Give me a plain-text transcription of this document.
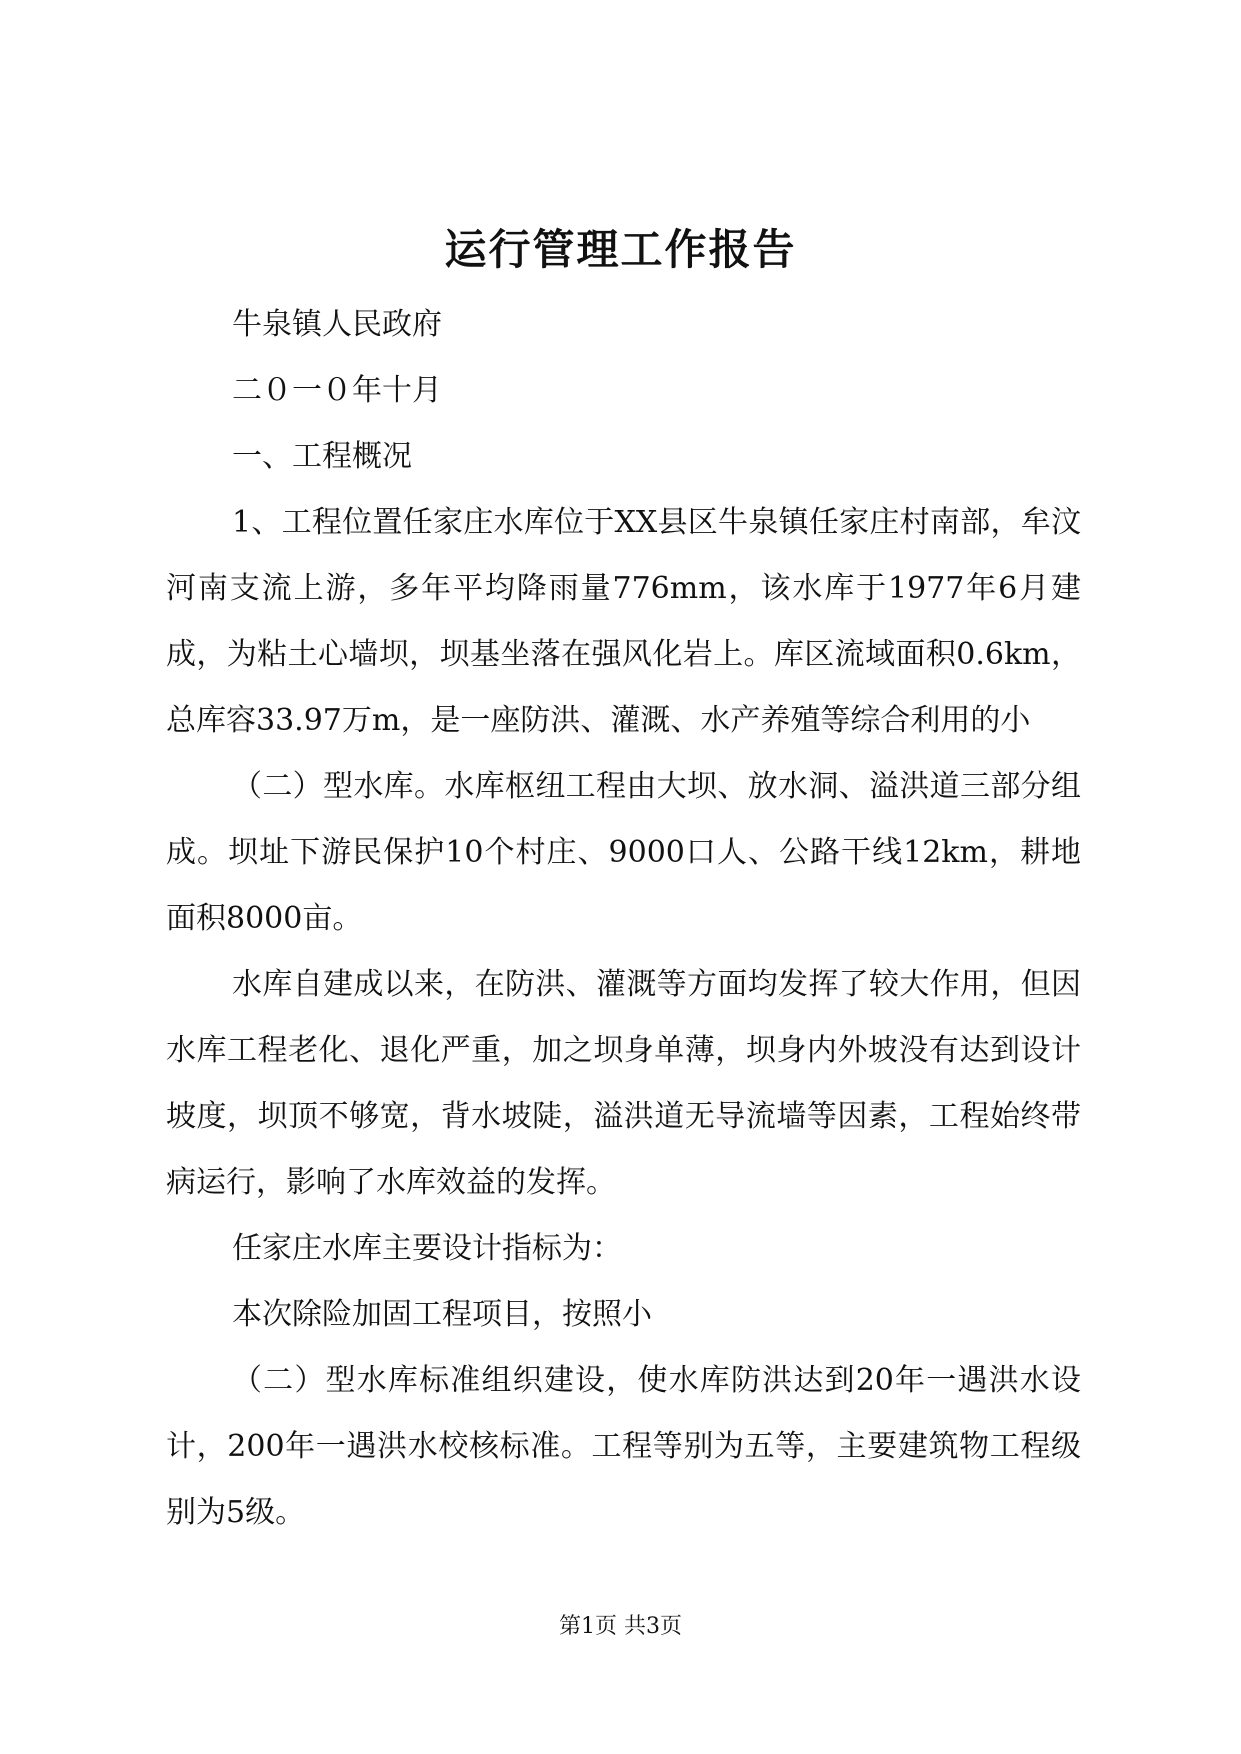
运行管理工作报告

牛泉镇人民政府

二０一０年十月

一、工程概况

1、工程位置任家庄水库位于XX县区牛泉镇任家庄村南部，牟汶河南支流上游，多年平均降雨量776mm，该水库于1977年6月建成，为粘土心墙坝，坝基坐落在强风化岩上。库区流域面积0.6km，总库容33.97万m，是一座防洪、灌溉、水产养殖等综合利用的小

（二）型水库。水库枢纽工程由大坝、放水洞、溢洪道三部分组成。坝址下游民保护10个村庄、9000口人、公路干线12km，耕地面积8000亩。

水库自建成以来，在防洪、灌溉等方面均发挥了较大作用，但因水库工程老化、退化严重，加之坝身单薄，坝身内外坡没有达到设计坡度，坝顶不够宽，背水坡陡，溢洪道无导流墙等因素，工程始终带病运行，影响了水库效益的发挥。

任家庄水库主要设计指标为：

本次除险加固工程项目，按照小

（二）型水库标准组织建设，使水库防洪达到20年一遇洪水设计，200年一遇洪水校核标准。工程等别为五等，主要建筑物工程级别为5级。

第1页 共3页
